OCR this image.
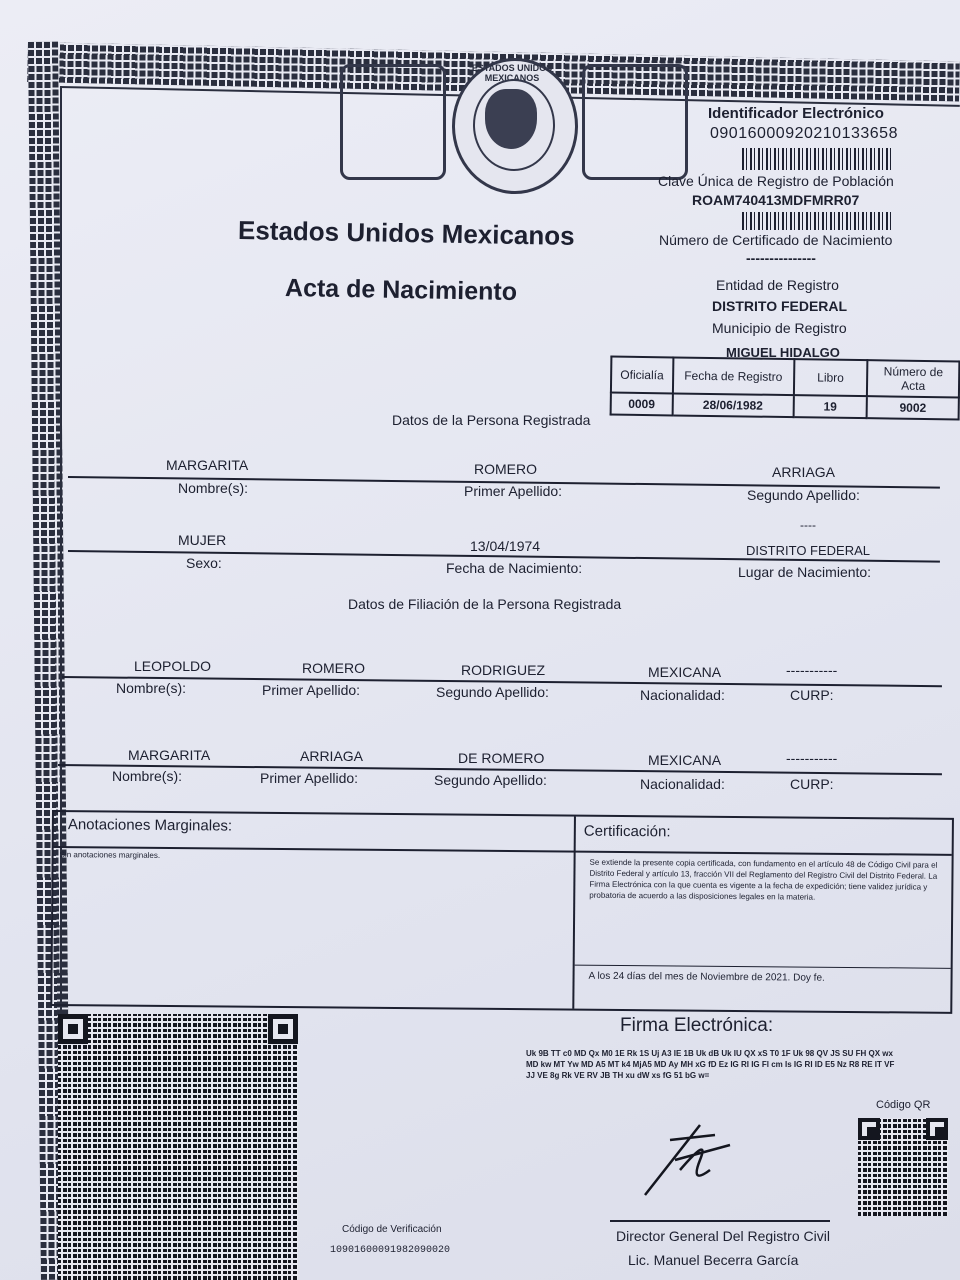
ESTADOS UNIDOS MEXICANOS
Estados Unidos Mexicanos
Acta de Nacimiento
Identificador Electrónico
09016000920210133658
Clave Única de Registro de Población
ROAM740413MDFMRR07
Número de Certificado de Nacimiento
---------------
Entidad de Registro
DISTRITO FEDERAL
Municipio de Registro
MIGUEL HIDALGO
Oficialía	Fecha de Registro	Libro	Número de Acta
0009	28/06/1982	19	9002
Datos de la Persona Registrada
MARGARITA	ROMERO	ARRIAGA
Nombre(s):	Primer Apellido:	Segundo Apellido:
----
MUJER	13/04/1974	DISTRITO FEDERAL
Sexo:	Fecha de Nacimiento:	Lugar de Nacimiento:
Datos de Filiación de la Persona Registrada
LEOPOLDO	ROMERO	RODRIGUEZ	MEXICANA	-----------
Nombre(s):	Primer Apellido:	Segundo Apellido:	Nacionalidad:	CURP:
MARGARITA	ARRIAGA	DE ROMERO	MEXICANA	-----------
Nombre(s):	Primer Apellido:	Segundo Apellido:	Nacionalidad:	CURP:
Anotaciones Marginales:
Sin anotaciones marginales.
Certificación:
Se extiende la presente copia certificada, con fundamento en el artículo 48 de Código Civil para el Distrito Federal y artículo 13, fracción VII del Reglamento del Registro Civil del Distrito Federal. La Firma Electrónica con la que cuenta es vigente a la fecha de expedición; tiene validez jurídica y probatoria de acuerdo a las disposiciones legales en la materia.
A los 24 días del mes de Noviembre de 2021. Doy fe.
Firma Electrónica:
Uk 9B TT c0 MD Qx M0 1E Rk 1S Uj A3 IE 1B Uk dB Uk IU QX xS T0 1F Uk 98 QV JS SU FH QX wx MD kw MT Yw MD A5 MT k4 MjA5 MD Ay MH xG fD Ez IG RI IG Fl cm Is IG RI ID E5 Nz R8 RE IT VF JJ VE 8g Rk VE RV JB TH xu dW xs fG 51 bG w=
Código QR
Código de Verificación
10901600091982090020
Director General Del Registro Civil
Lic. Manuel Becerra García
